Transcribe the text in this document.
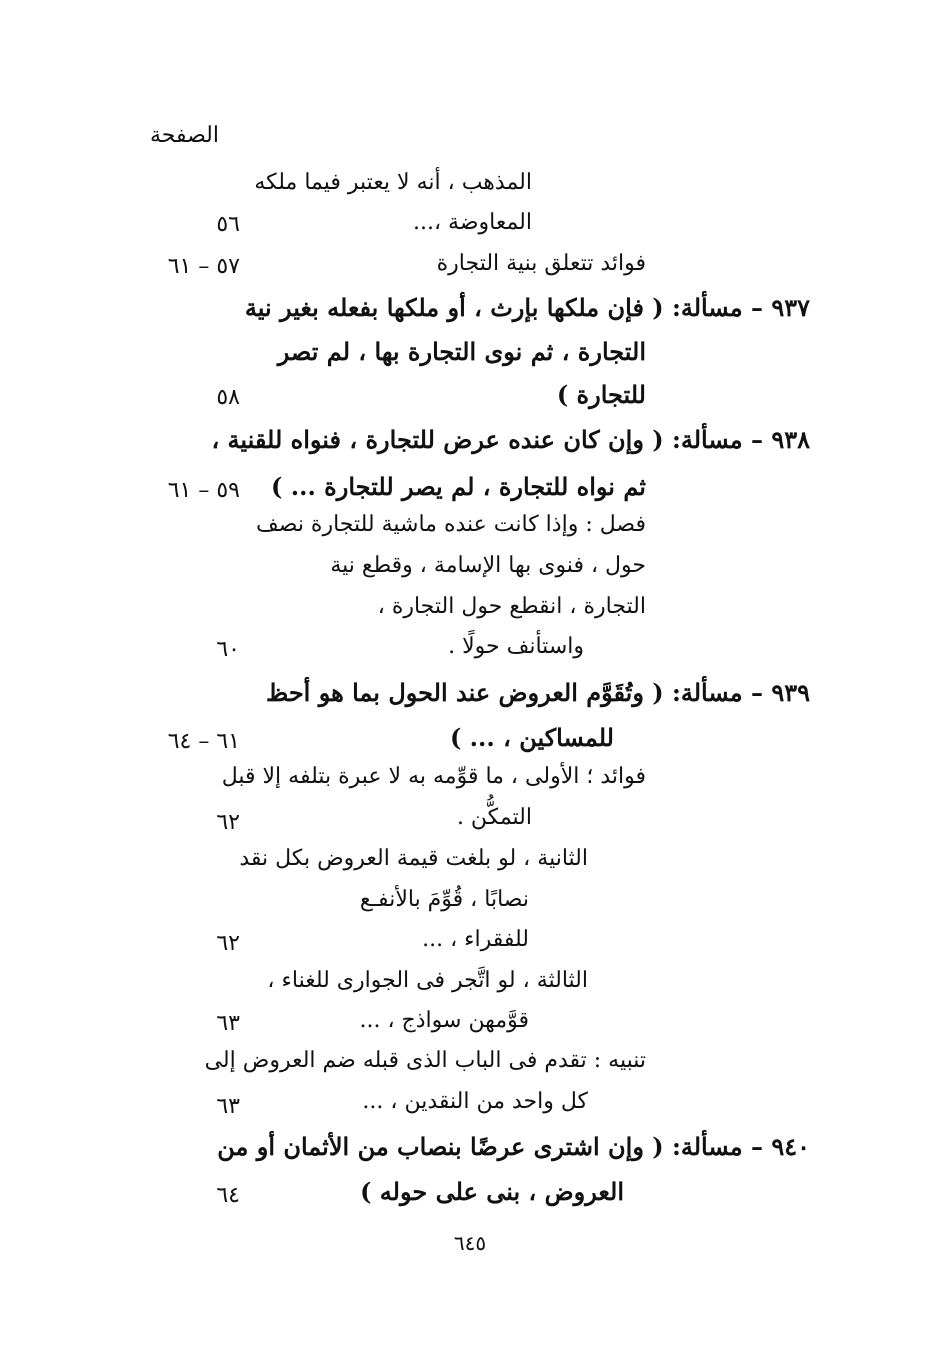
الصفحة
المذهب ، أنه لا يعتبر فيما ملكه
المعاوضة ،...
٥٦
فوائد تتعلق بنية التجارة
٥٧ – ٦١
٩٣٧ – مسألة: ( فإن ملكها بإرث ، أو ملكها بفعله بغير نية
التجارة ، ثم نوى التجارة بها ، لم تصر
للتجارة )
٥٨
٩٣٨ – مسألة: ( وإن كان عنده عرض للتجارة ، فنواه للقنية ،
ثم نواه للتجارة ، لم يصر للتجارة ... )
٥٩ – ٦١
فصل : وإذا كانت عنده ماشية للتجارة نصف
حول ، فنوى بها الإسامة ، وقطع نية
التجارة ، انقطع حول التجارة ،
واستأنف حولًا .
٦٠
٩٣٩ – مسألة: ( وتُقَوَّم العروض عند الحول بما هو أحظ
للمساكين ، ... )
٦١ – ٦٤
فوائد ؛ الأولى ، ما قوِّمه به لا عبرة بتلفه إلا قبل
التمكُّن .
٦٢
الثانية ، لو بلغت قيمة العروض بكل نقد
نصابًا ، قُوِّمَ بالأنفـع
للفقراء ، ...
٦٢
الثالثة ، لو اتَّجر فى الجوارى للغناء ،
قوَّمهن سواذج ، ...
٦٣
تنبيه : تقدم فى الباب الذى قبله ضم العروض إلى
كل واحد من النقدين ، ...
٦٣
٩٤٠ – مسألة: ( وإن اشترى عرضًا بنصاب من الأثمان أو من
العروض ، بنى على حوله )
٦٤
٦٤٥
